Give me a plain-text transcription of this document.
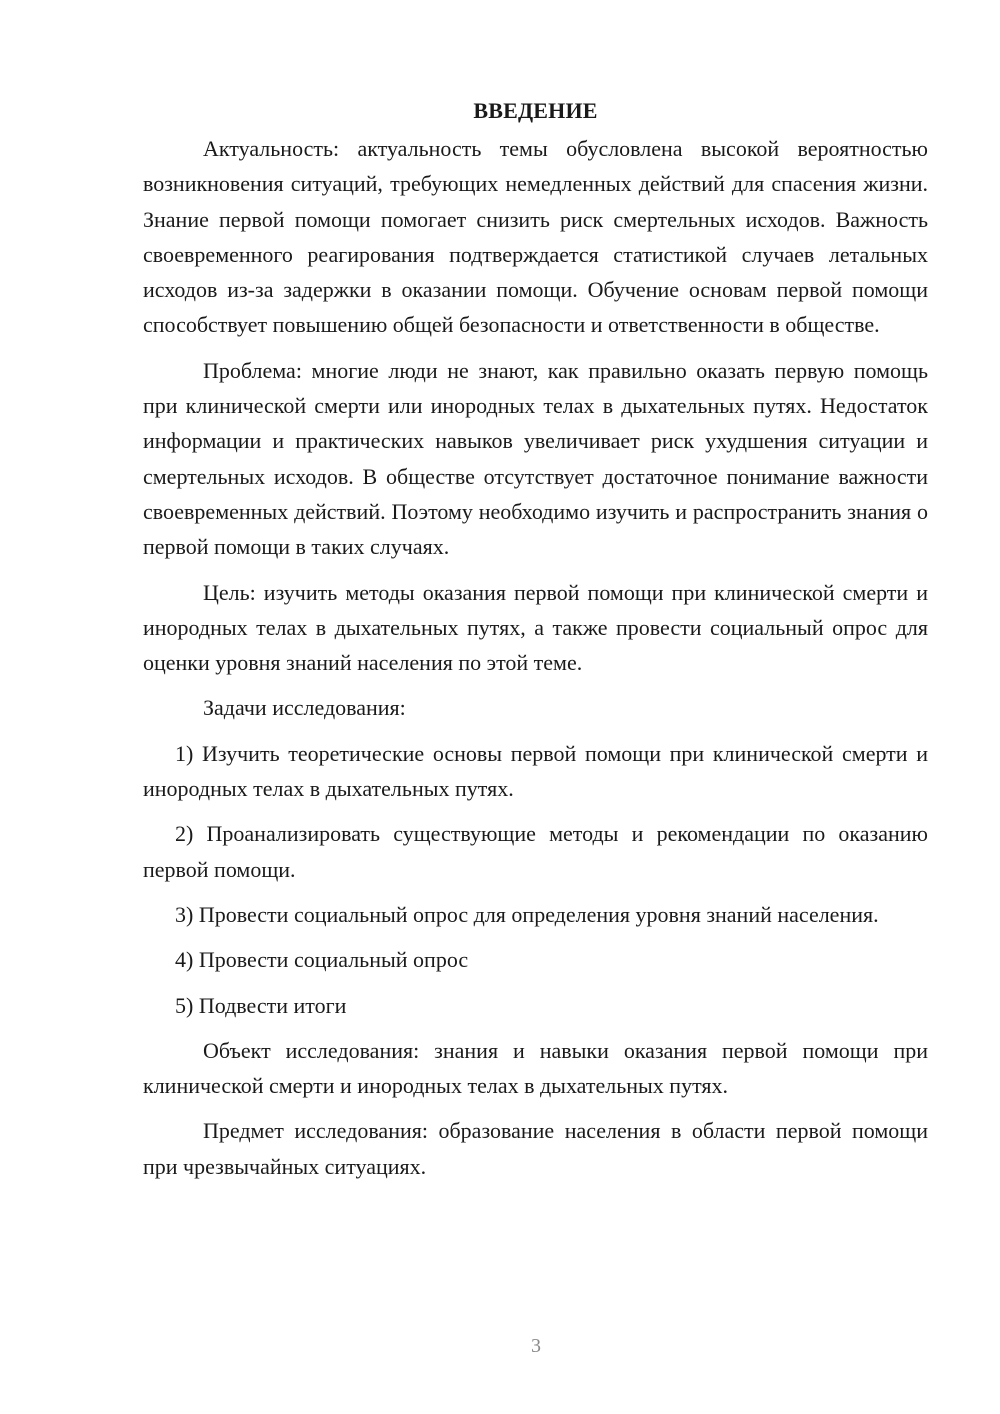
ВВЕДЕНИЕ

Актуальность: актуальность темы обусловлена высокой вероятностью возникновения ситуаций, требующих немедленных действий для спасения жизни. Знание первой помощи помогает снизить риск смертельных исходов. Важность своевременного реагирования подтверждается статистикой случаев летальных исходов из-за задержки в оказании помощи. Обучение основам первой помощи способствует повышению общей безопасности и ответственности в обществе.

Проблема: многие люди не знают, как правильно оказать первую помощь при клинической смерти или инородных телах в дыхательных путях. Недостаток информации и практических навыков увеличивает риск ухудшения ситуации и смертельных исходов. В обществе отсутствует достаточное понимание важности своевременных действий. Поэтому необходимо изучить и распространить знания о первой помощи в таких случаях.

Цель: изучить методы оказания первой помощи при клинической смерти и инородных телах в дыхательных путях, а также провести социальный опрос для оценки уровня знаний населения по этой теме.

Задачи исследования:

1) Изучить теоретические основы первой помощи при клинической смерти и инородных телах в дыхательных путях.

2) Проанализировать существующие методы и рекомендации по оказанию первой помощи.

3) Провести социальный опрос для определения уровня знаний населения.

4) Провести социальный опрос

5) Подвести итоги

Объект исследования: знания и навыки оказания первой помощи при клинической смерти и инородных телах в дыхательных путях.

Предмет исследования: образование населения в области первой помощи при чрезвычайных ситуациях.

3
